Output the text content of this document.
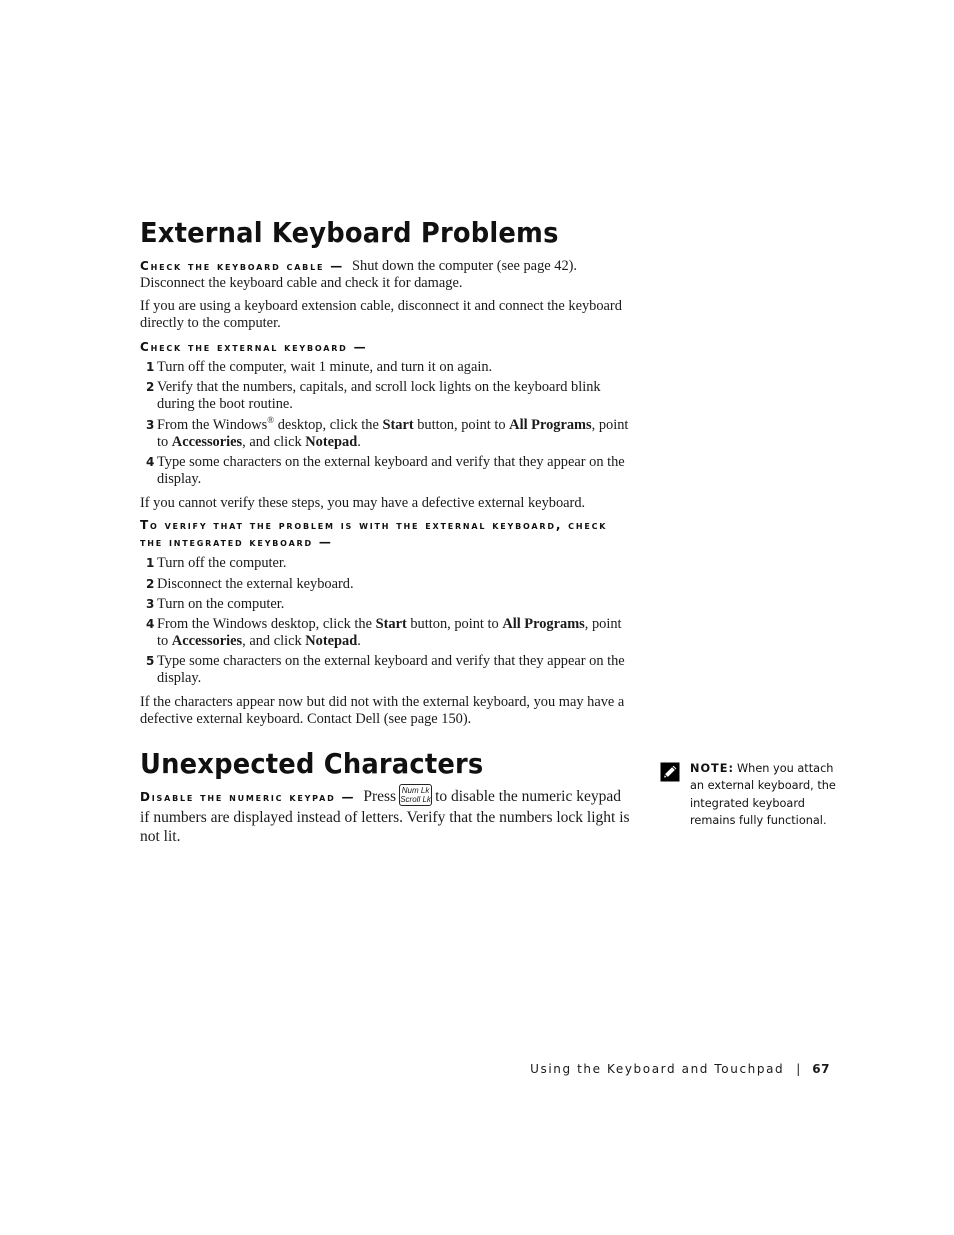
External Keyboard Problems

Check the keyboard cable — Shut down the computer (see page 42). Disconnect the keyboard cable and check it for damage.

If you are using a keyboard extension cable, disconnect it and connect the keyboard directly to the computer.

Check the external keyboard —

1 Turn off the computer, wait 1 minute, and turn it on again.
2 Verify that the numbers, capitals, and scroll lock lights on the keyboard blink during the boot routine.
3 From the Windows® desktop, click the Start button, point to All Programs, point to Accessories, and click Notepad.
4 Type some characters on the external keyboard and verify that they appear on the display.

If you cannot verify these steps, you may have a defective external keyboard.

To verify that the problem is with the external keyboard, check the integrated keyboard —

1 Turn off the computer.
2 Disconnect the external keyboard.
3 Turn on the computer.
4 From the Windows desktop, click the Start button, point to All Programs, point to Accessories, and click Notepad.
5 Type some characters on the external keyboard and verify that they appear on the display.

If the characters appear now but did not with the external keyboard, you may have a defective external keyboard. Contact Dell (see page 150).

Unexpected Characters

Disable the numeric keypad — Press Num Lk
Scroll Lk to disable the numeric keypad if numbers are displayed instead of letters. Verify that the numbers lock light is not lit.

NOTE: When you attach an external keyboard, the integrated keyboard remains fully functional.
Using the Keyboard and Touchpad | 67
